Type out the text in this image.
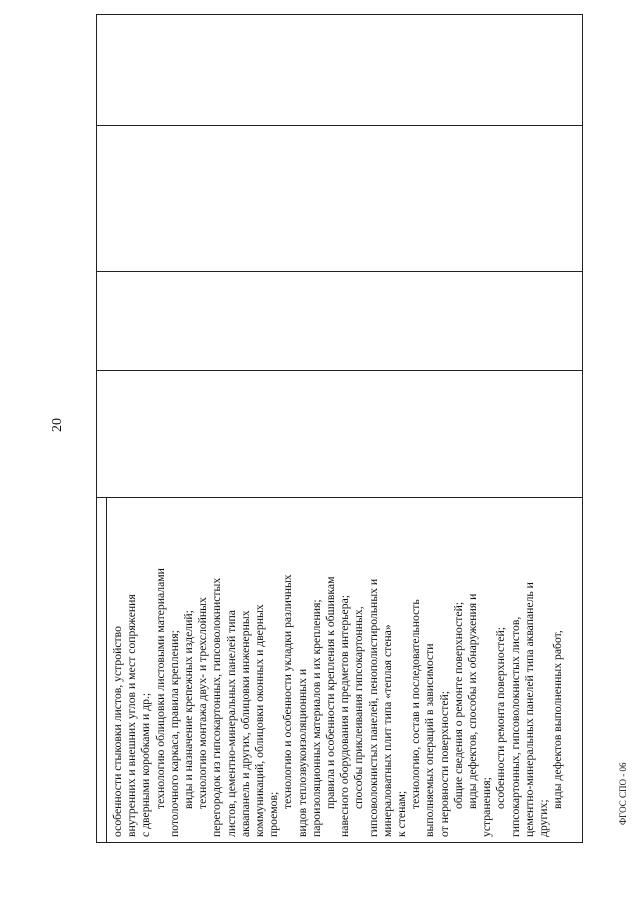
20
особенности стыковки листов, устройство внутренних и внешних углов и мест сопряжения с дверными коробками и др.; технологию облицовки листовыми материалами потолочного каркаса, правила крепления; виды и назначение крепежных изделий; технологию монтажа двух- и трехслойных перегородок из гипсокартонных, гипсоволокнистых листов, цементно-минеральных панелей типа аквапанель и других, облицовки инженерных коммуникаций, облицовки оконных и дверных проемов;
технологию и особенности укладки различных видов теплозвукоизоляционных и пароизоляционных материалов и их крепления; правила и особенности крепления к обшивкам навесного оборудования и предметов интерьера; способы приклеивания гипсокартонных, гипсоволокнистых панелей, пенополистирольных и минераловатных плит типа «теплая стена» к стенам;
технологию, состав и последовательность выполняемых операций в зависимости от неровности поверхностей; общие сведения о ремонте поверхностей; виды дефектов, способы их обнаружения и устранения; особенности ремонта поверхностей; гипсокартонных, гипсоволокнистых листов, цементно-минеральных панелей типа аквапанель и других;
виды дефектов выполненных работ,	ФГОС СПО - 06
